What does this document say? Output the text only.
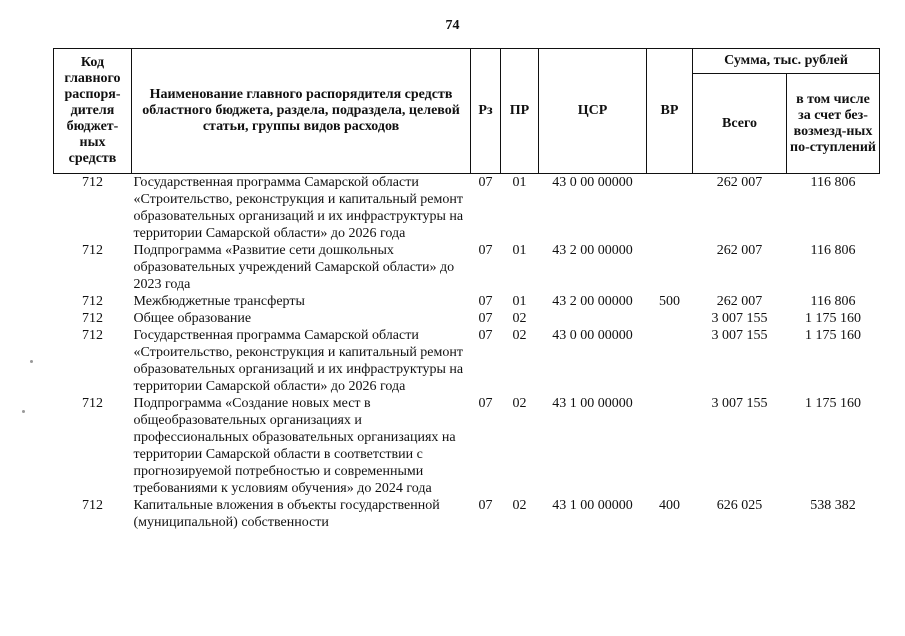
74
Код главного распоря-дителя бюджет-ных средств	Наименование главного распорядителя средств областного бюджета, раздела, подраздела, целевой статьи, группы видов расходов	Рз	ПР	ЦСР	ВР	Сумма, тыс. рублей	
						Всего	в том числе за счет без-возмезд-ных по-ступлений
712	Государственная программа Самарской области «Строительство, реконструкция и капитальный ремонт образовательных организаций и их инфраструктуры на территории Самарской области» до 2026 года	07	01	43 0 00 00000		262 007	116 806
712	Подпрограмма «Развитие сети дошкольных образовательных учреждений Самарской области» до 2023 года	07	01	43 2 00 00000		262 007	116 806
712	Межбюджетные трансферты	07	01	43 2 00 00000	500	262 007	116 806
712	Общее образование	07	02			3 007 155	1 175 160
712	Государственная программа Самарской области «Строительство, реконструкция и капитальный ремонт образовательных организаций и их инфраструктуры на территории Самарской области» до 2026 года	07	02	43 0 00 00000		3 007 155	1 175 160
712	Подпрограмма «Создание новых мест в общеобразовательных организациях и профессиональных образовательных организациях на территории Самарской области в соответствии с прогнозируемой потребностью и современными требованиями к условиям обучения» до 2024 года	07	02	43 1 00 00000		3 007 155	1 175 160
712	Капитальные вложения в объекты государственной (муниципальной) собственности	07	02	43 1 00 00000	400	626 025	538 382
